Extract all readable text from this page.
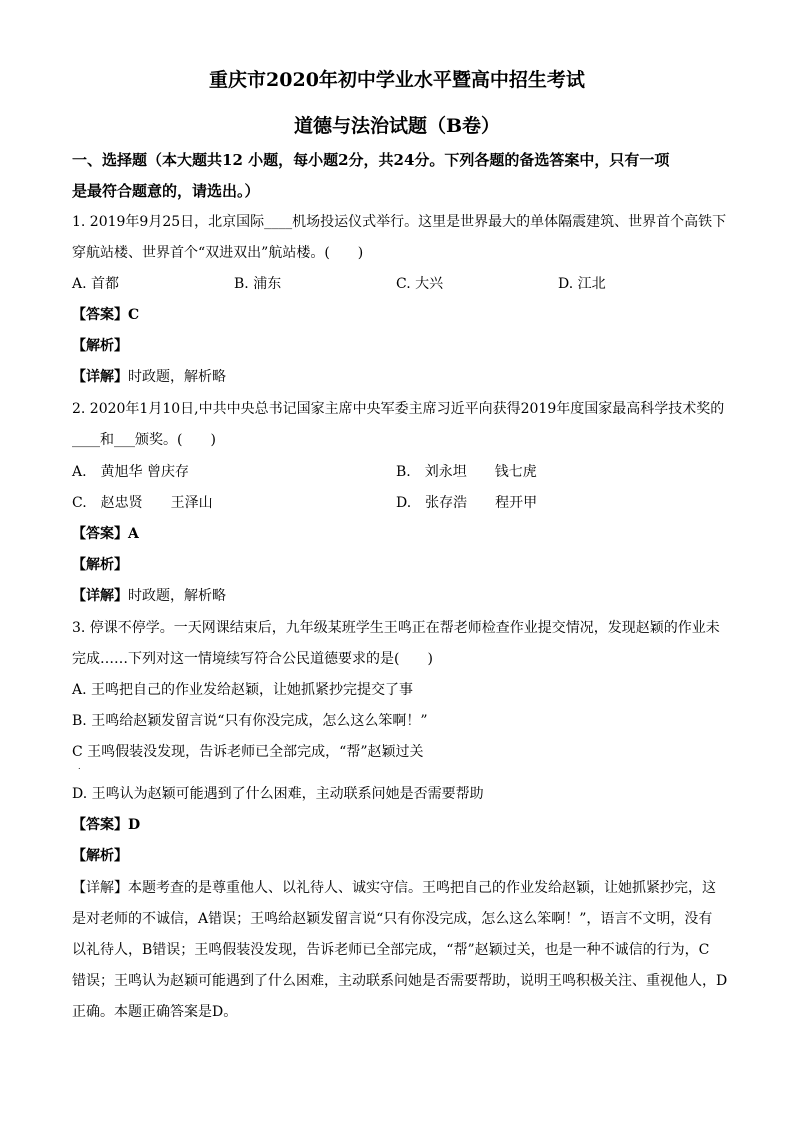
重庆市2020年初中学业水平暨高中招生考试
道德与法治试题（B卷）
一、选择题（本大题共12 小题，每小题2分，共24分。下列各题的备选答案中，只有一项
是最符合题意的，请选出。）
1. 2019年9月25日，北京国际____机场投运仪式举行。这里是世界最大的单体隔震建筑、世界首个高铁下
穿航站楼、世界首个“双进双出”航站楼。(　　)
A. 首都	B. 浦东	C. 大兴	D. 江北
【答案】C
【解析】
【详解】时政题，解析略
2. 2020年1月10日,中共中央总书记国家主席中央军委主席习近平向获得2019年度国家最高科学技术奖的
____和___颁奖。(　　)
A.　黄旭华 曾庆存	B.　刘永坦　　钱七虎
C.　赵忠贤　　王泽山	D.　张存浩　　程开甲
【答案】A
【解析】
【详解】时政题，解析略
3. 停课不停学。一天网课结束后，九年级某班学生王鸣正在帮老师检查作业提交情况，发现赵颖的作业未
完成……下列对这一情境续写符合公民道德要求的是(　　)
A. 王鸣把自己的作业发给赵颖，让她抓紧抄完提交了事
B. 王鸣给赵颖发留言说“只有你没完成，怎么这么笨啊！”
C 王鸣假装没发现，告诉老师已全部完成，“帮”赵颖过关
.
D. 王鸣认为赵颖可能遇到了什么困难，主动联系问她是否需要帮助
【答案】D
【解析】
【详解】本题考查的是尊重他人、以礼待人、诚实守信。王鸣把自己的作业发给赵颖，让她抓紧抄完，这
是对老师的不诚信，A错误；王鸣给赵颖发留言说“只有你没完成，怎么这么笨啊！”，语言不文明，没有
以礼待人，B错误；王鸣假装没发现，告诉老师已全部完成，“帮”赵颖过关，也是一种不诚信的行为，C
错误；王鸣认为赵颖可能遇到了什么困难，主动联系问她是否需要帮助，说明王鸣积极关注、重视他人，D
正确。本题正确答案是D。
